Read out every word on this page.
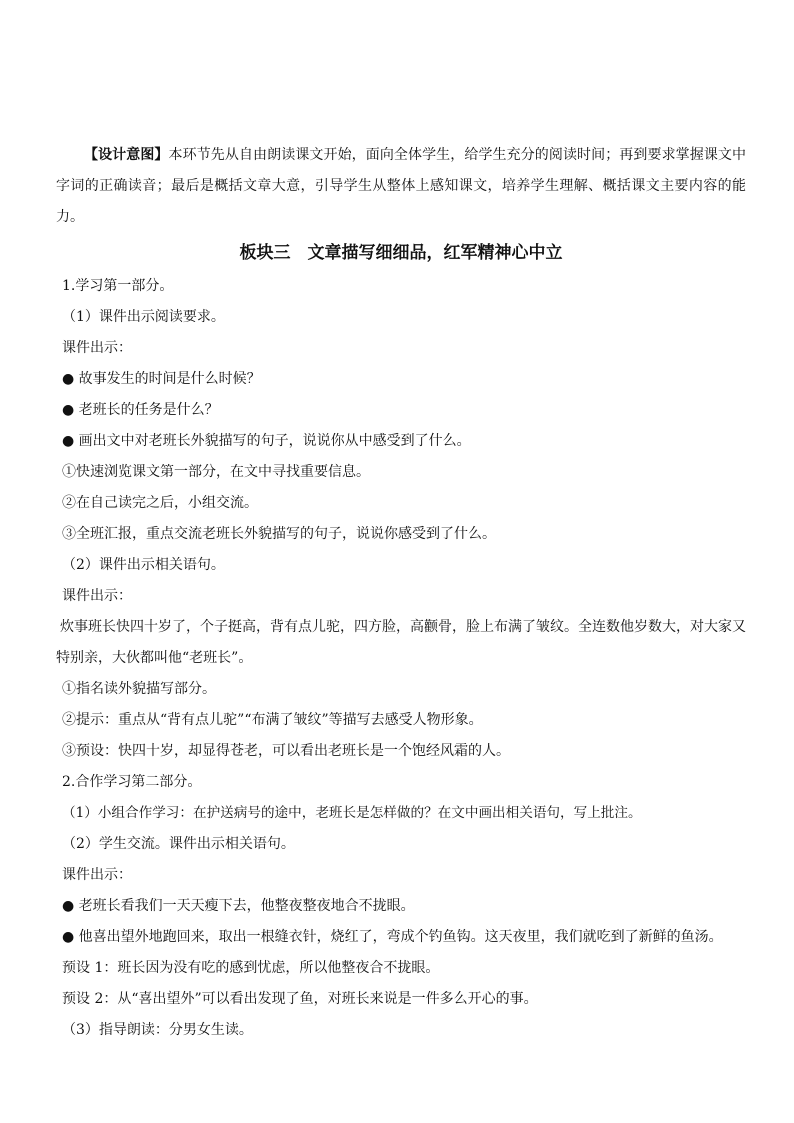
【设计意图】本环节先从自由朗读课文开始，面向全体学生，给学生充分的阅读时间；再到要求掌握课文中字词的正确读音；最后是概括文章大意，引导学生从整体上感知课文，培养学生理解、概括课文主要内容的能力。

板块三　文章描写细细品，红军精神心中立

1.学习第一部分。

（1）课件出示阅读要求。

课件出示：

● 故事发生的时间是什么时候？

● 老班长的任务是什么？

● 画出文中对老班长外貌描写的句子，说说你从中感受到了什么。

①快速浏览课文第一部分，在文中寻找重要信息。

②在自己读完之后，小组交流。

③全班汇报，重点交流老班长外貌描写的句子，说说你感受到了什么。

（2）课件出示相关语句。

课件出示：

炊事班长快四十岁了，个子挺高，背有点儿驼，四方脸，高颧骨，脸上布满了皱纹。全连数他岁数大，对大家又特别亲，大伙都叫他“老班长”。

①指名读外貌描写部分。

②提示：重点从“背有点儿驼”“布满了皱纹”等描写去感受人物形象。

③预设：快四十岁，却显得苍老，可以看出老班长是一个饱经风霜的人。

2.合作学习第二部分。

（1）小组合作学习：在护送病号的途中，老班长是怎样做的？在文中画出相关语句，写上批注。

（2）学生交流。课件出示相关语句。

课件出示：

● 老班长看我们一天天瘦下去，他整夜整夜地合不拢眼。

● 他喜出望外地跑回来，取出一根缝衣针，烧红了，弯成个钓鱼钩。这天夜里，我们就吃到了新鲜的鱼汤。

预设 1：班长因为没有吃的感到忧虑，所以他整夜合不拢眼。

预设 2：从“喜出望外”可以看出发现了鱼，对班长来说是一件多么开心的事。

（3）指导朗读：分男女生读。
